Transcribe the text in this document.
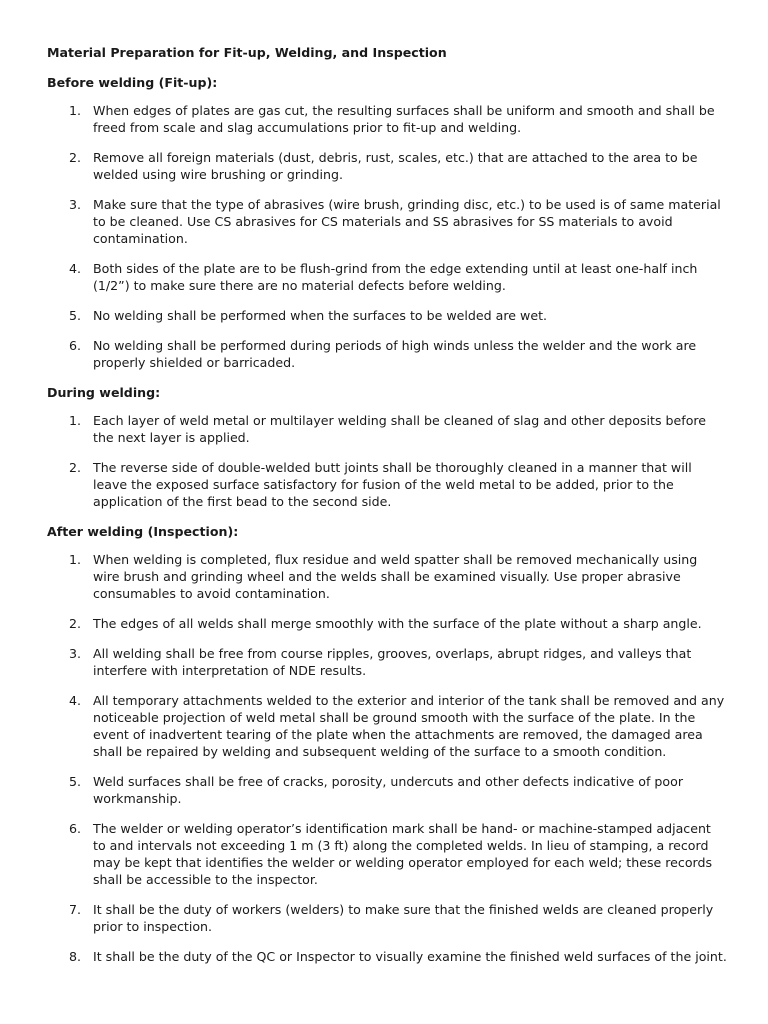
Material Preparation for Fit-up, Welding, and Inspection
Before welding (Fit-up):
1. When edges of plates are gas cut, the resulting surfaces shall be uniform and smooth and shall be freed from scale and slag accumulations prior to fit-up and welding.
2. Remove all foreign materials (dust, debris, rust, scales, etc.) that are attached to the area to be welded using wire brushing or grinding.
3. Make sure that the type of abrasives (wire brush, grinding disc, etc.) to be used is of same material to be cleaned. Use CS abrasives for CS materials and SS abrasives for SS materials to avoid contamination.
4. Both sides of the plate are to be flush-grind from the edge extending until at least one-half inch (1/2”) to make sure there are no material defects before welding.
5. No welding shall be performed when the surfaces to be welded are wet.
6. No welding shall be performed during periods of high winds unless the welder and the work are properly shielded or barricaded.
During welding:
1. Each layer of weld metal or multilayer welding shall be cleaned of slag and other deposits before the next layer is applied.
2. The reverse side of double-welded butt joints shall be thoroughly cleaned in a manner that will leave the exposed surface satisfactory for fusion of the weld metal to be added, prior to the application of the first bead to the second side.
After welding (Inspection):
1. When welding is completed, flux residue and weld spatter shall be removed mechanically using wire brush and grinding wheel and the welds shall be examined visually. Use proper abrasive consumables to avoid contamination.
2. The edges of all welds shall merge smoothly with the surface of the plate without a sharp angle.
3. All welding shall be free from course ripples, grooves, overlaps, abrupt ridges, and valleys that interfere with interpretation of NDE results.
4. All temporary attachments welded to the exterior and interior of the tank shall be removed and any noticeable projection of weld metal shall be ground smooth with the surface of the plate. In the event of inadvertent tearing of the plate when the attachments are removed, the damaged area shall be repaired by welding and subsequent welding of the surface to a smooth condition.
5. Weld surfaces shall be free of cracks, porosity, undercuts and other defects indicative of poor workmanship.
6. The welder or welding operator’s identification mark shall be hand- or machine-stamped adjacent to and intervals not exceeding 1 m (3 ft) along the completed welds. In lieu of stamping, a record may be kept that identifies the welder or welding operator employed for each weld; these records shall be accessible to the inspector.
7. It shall be the duty of workers (welders) to make sure that the finished welds are cleaned properly prior to inspection.
8. It shall be the duty of the QC or Inspector to visually examine the finished weld surfaces of the joint.
